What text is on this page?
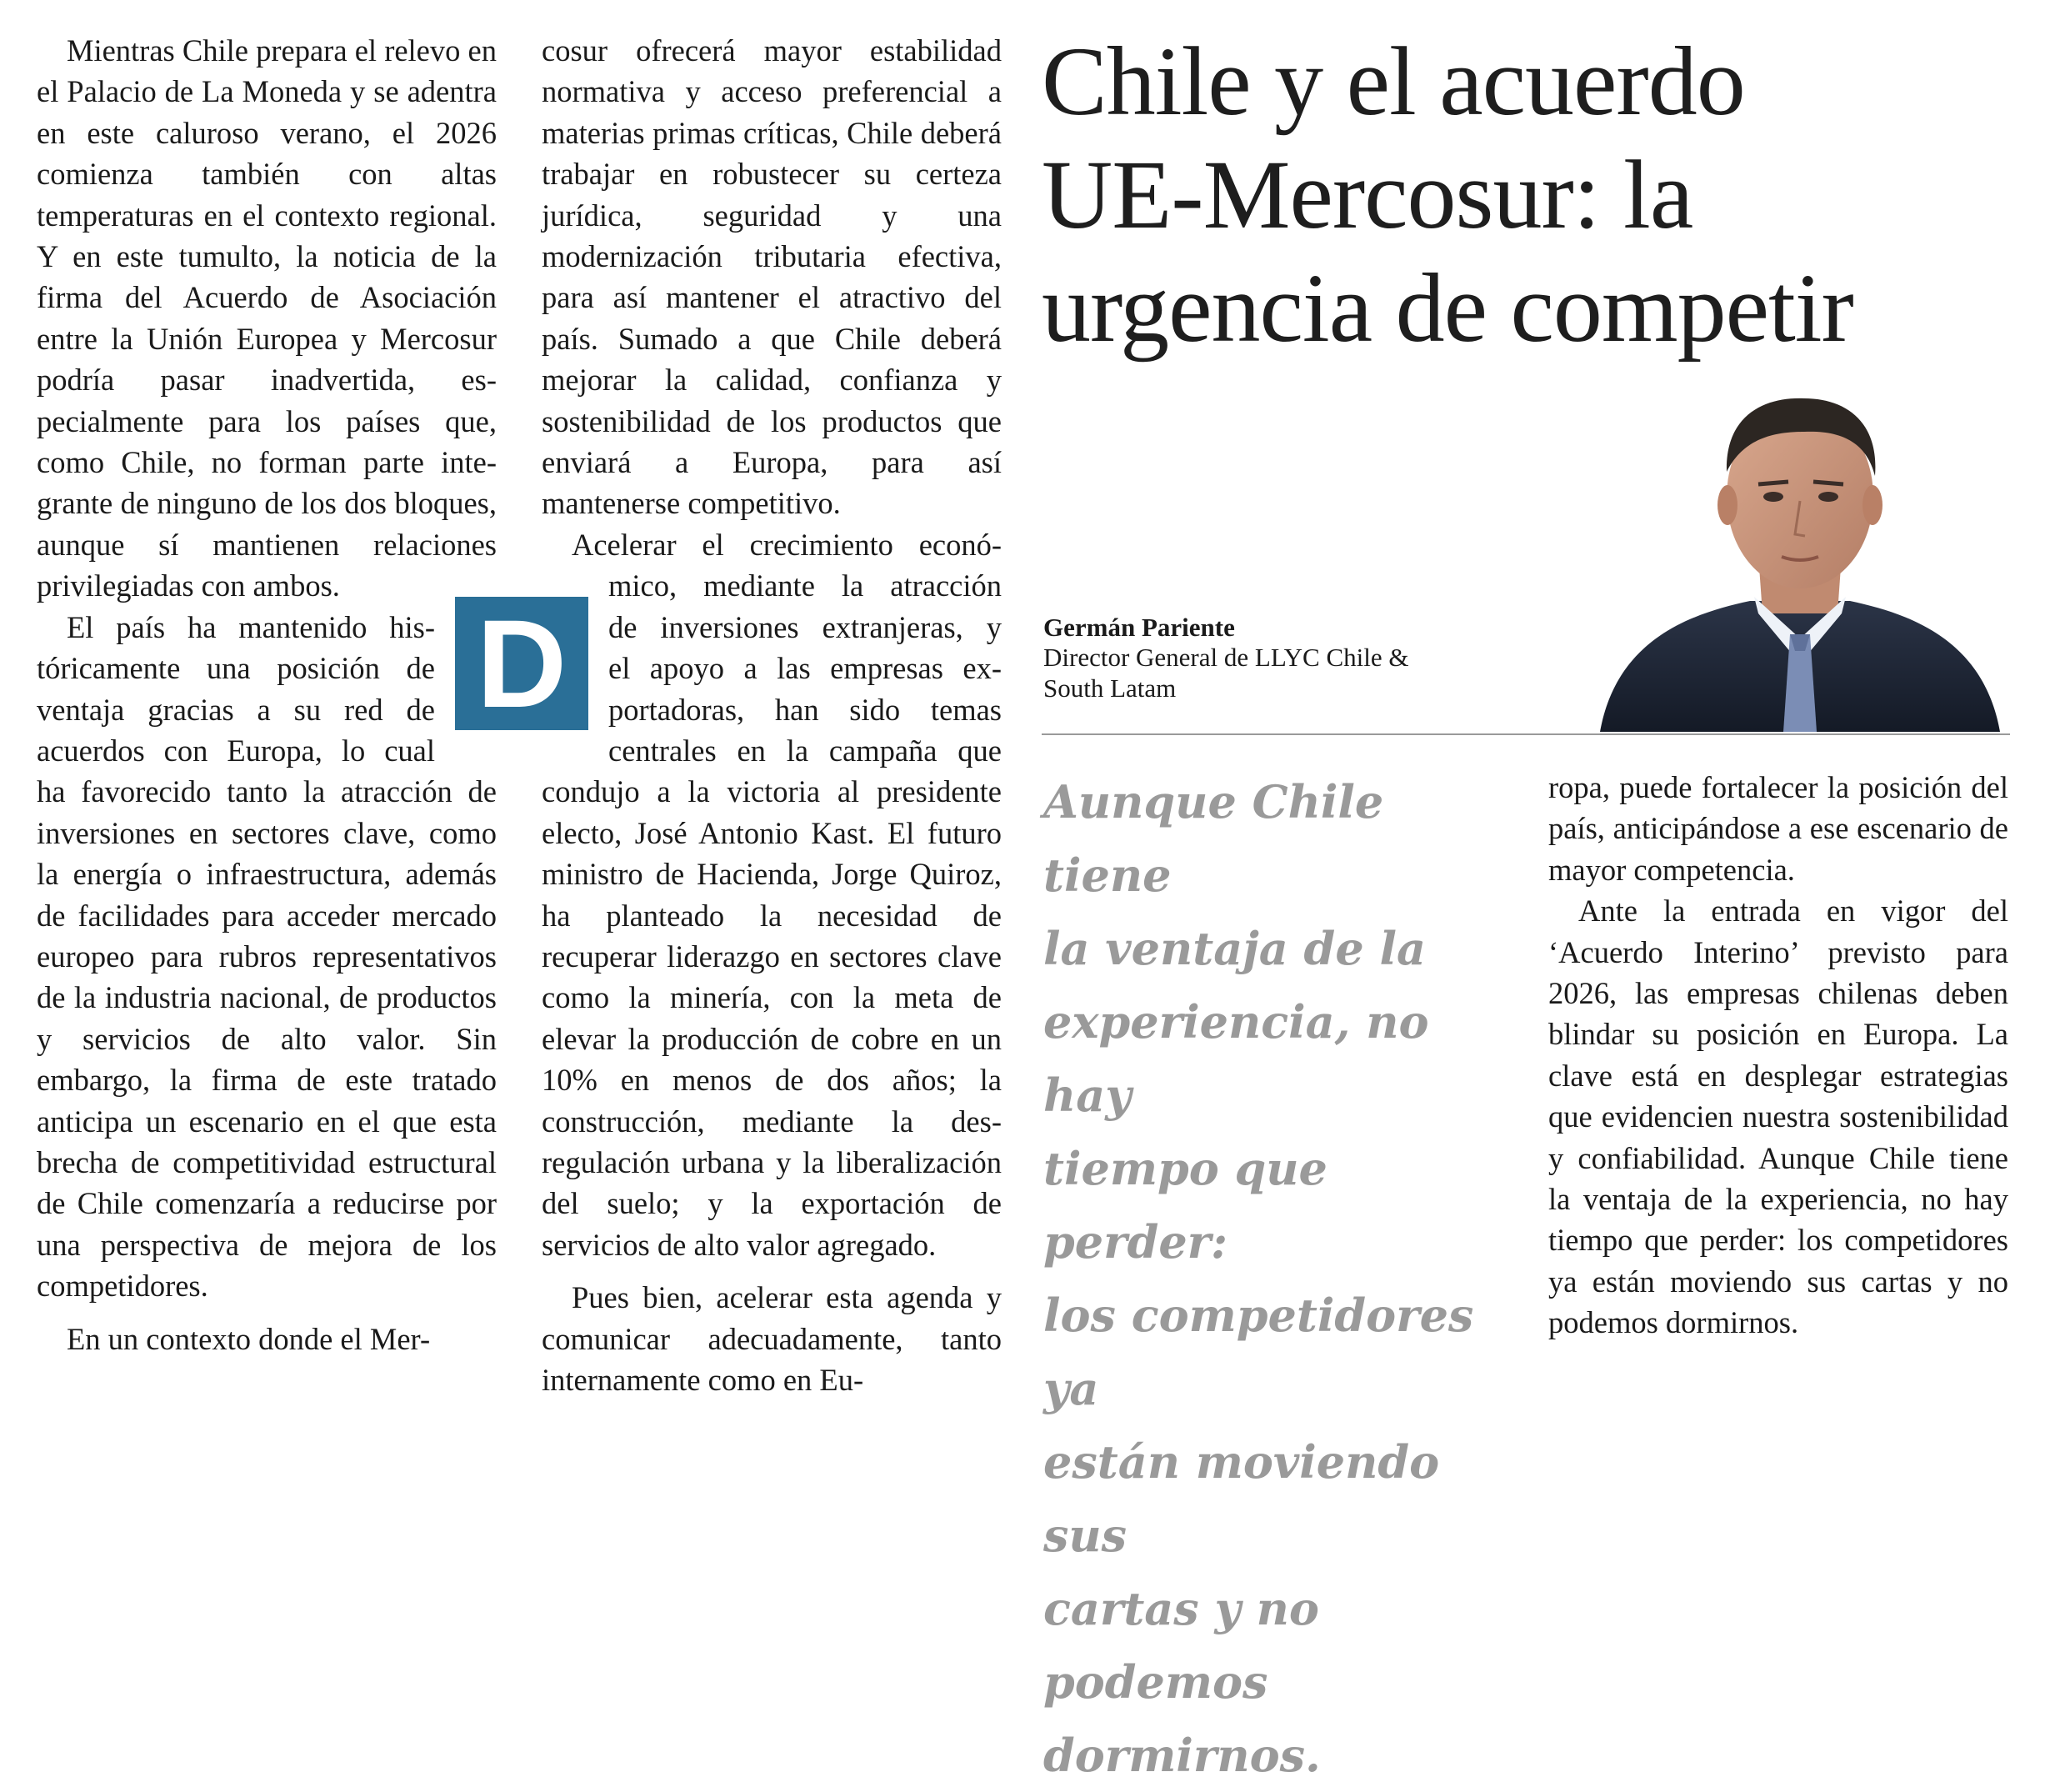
Mientras Chile prepara el relevo en el Palacio de La Moneda y se adentra en este caluroso verano, el 2026 comienza también con altas temperaturas en el contexto regional. Y en este tumulto, la noticia de la firma del Acuerdo de Asociación entre la Unión Europea y Mercosur podría pasar inadvertida, especialmente para los países que, como Chile, no forman parte integrante de ninguno de los dos bloques, aunque sí mantienen relaciones privilegiadas con ambos.

El país ha mantenido his-

tóricamente una posición de

ventaja gracias a su red de

acuerdos con Europa, lo cual

ha favorecido tanto la atracción de inversiones en sectores clave, como la energía o infraestructura, además de facilidades para acceder mercado europeo para rubros representativos de la industria nacional, de productos y servicios de alto valor. Sin embargo, la firma de este tratado anticipa un escenario en el que esta brecha de competitividad estructural de Chile comenzaría a reducirse por una perspectiva de mejora de los competidores.

En un contexto donde el Mer-

D

cosur ofrecerá mayor estabilidad normativa y acceso preferencial a materias primas críticas, Chile deberá trabajar en robustecer su certeza jurídica, seguridad y una modernización tributaria efectiva, para así mantener el atractivo del país. Sumado a que Chile deberá mejorar la calidad, confianza y sostenibilidad de los productos que enviará a Europa, para así mantenerse competitivo.

Acelerar el crecimiento econó-

mico, mediante la atracción

de inversiones extranjeras, y

el apoyo a las empresas ex-

portadoras, han sido temas

centrales en la campaña que

condujo a la victoria al presidente electo, José Antonio Kast. El futuro ministro de Hacienda, Jorge Quiroz, ha planteado la necesidad de recuperar liderazgo en sectores clave como la minería, con la meta de elevar la producción de cobre en un 10% en menos de dos años; la construcción, mediante la desregulación urbana y la liberalización del suelo; y la exportación de servicios de alto valor agregado.

Pues bien, acelerar esta agenda y comunicar adecuadamente, tanto internamente como en Eu-

Chile y el acuerdo
UE-Mercosur: la
urgencia de competir
Germán Pariente
Director General de LLYC Chile &
South Latam
Aunque Chile tiene
la ventaja de la
experiencia, no hay
tiempo que perder:
los competidores ya
están moviendo sus
cartas y no podemos
dormirnos.

ropa, puede fortalecer la posición del país, anticipándose a ese escenario de mayor competencia.

Ante la entrada en vigor del ‘Acuerdo Interino’ previsto para 2026, las empresas chilenas deben blindar su posición en Europa. La clave está en desplegar estrategias que evidencien nuestra sostenibilidad y confiabilidad. Aunque Chile tiene la ventaja de la experiencia, no hay tiempo que perder: los competidores ya están moviendo sus cartas y no podemos dormirnos.
